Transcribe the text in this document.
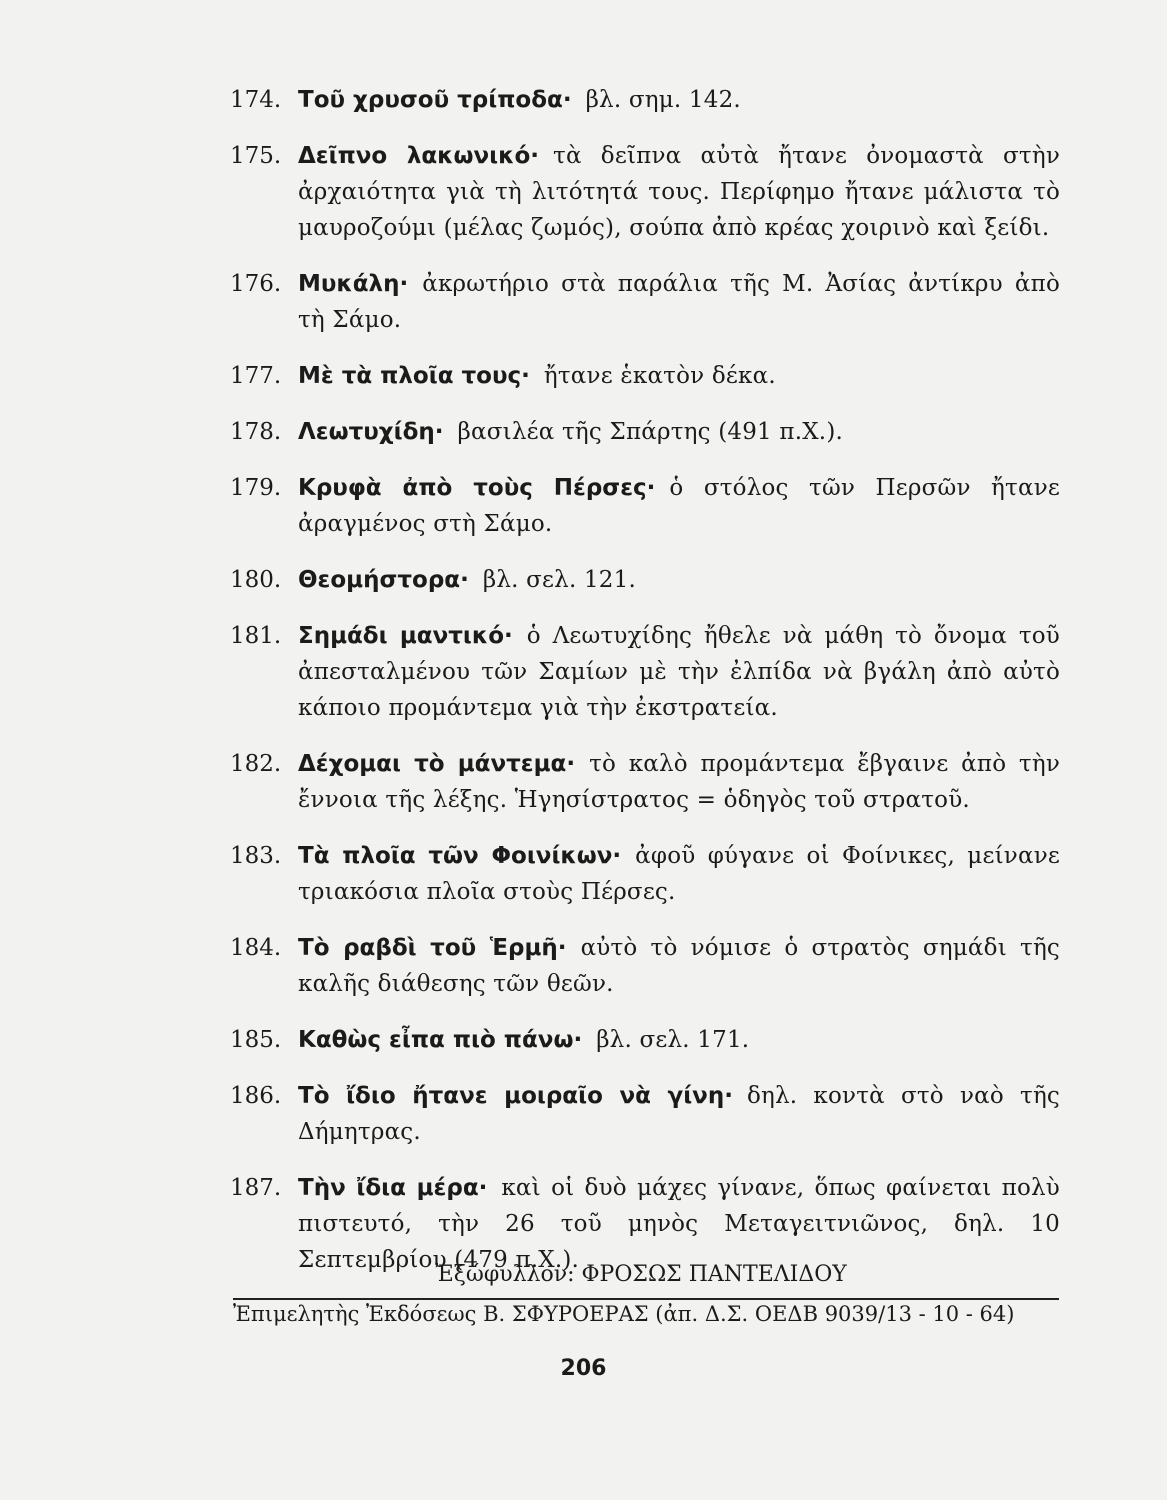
174. Τοῦ χρυσοῦ τρίποδα· βλ. σημ. 142.
175. Δεῖπνο λακωνικό· τὰ δεῖπνα αὐτὰ ἤτανε ὀνομαστὰ στὴν ἀρχαιότητα γιὰ τὴ λιτότητά τους. Περίφημο ἤτανε μάλιστα τὸ μαυροζούμι (μέλας ζωμός), σούπα ἀπὸ κρέας χοιρινὸ καὶ ξείδι.
176. Μυκάλη· ἀκρωτήριο στὰ παράλια τῆς Μ. Ἀσίας ἀντίκρυ ἀπὸ τὴ Σάμο.
177. Μὲ τὰ πλοῖα τους· ἤτανε ἑκατὸν δέκα.
178. Λεωτυχίδη· βασιλέα τῆς Σπάρτης (491 π.Χ.).
179. Κρυφὰ ἀπὸ τοὺς Πέρσες· ὁ στόλος τῶν Περσῶν ἤτανε ἀραγμένος στὴ Σάμο.
180. Θεομήστορα· βλ. σελ. 121.
181. Σημάδι μαντικό· ὁ Λεωτυχίδης ἤθελε νὰ μάθη τὸ ὄνομα τοῦ ἀπεσταλμένου τῶν Σαμίων μὲ τὴν ἐλπίδα νὰ βγάλη ἀπὸ αὐτὸ κάποιο προμάντεμα γιὰ τὴν ἐκστρατεία.
182. Δέχομαι τὸ μάντεμα· τὸ καλὸ προμάντεμα ἔβγαινε ἀπὸ τὴν ἔννοια τῆς λέξης. Ἡγησίστρατος = ὁδηγὸς τοῦ στρατοῦ.
183. Τὰ πλοῖα τῶν Φοινίκων· ἀφοῦ φύγανε οἱ Φοίνικες, μείνανε τριακόσια πλοῖα στοὺς Πέρσες.
184. Τὸ ραβδὶ τοῦ Ἑρμῆ· αὐτὸ τὸ νόμισε ὁ στρατὸς σημάδι τῆς καλῆς διάθεσης τῶν θεῶν.
185. Καθὼς εἶπα πιὸ πάνω· βλ. σελ. 171.
186. Τὸ ἴδιο ἤτανε μοιραῖο νὰ γίνη· δηλ. κοντὰ στὸ ναὸ τῆς Δήμητρας.
187. Τὴν ἴδια μέρα· καὶ οἱ δυὸ μάχες γίνανε, ὅπως φαίνεται πολὺ πιστευτό, τὴν 26 τοῦ μηνὸς Μεταγειτνιῶνος, δηλ. 10 Σεπτεμβρίου (479 π.Χ.).
Ἐξώφυλλον: ΦΡΟΣΩΣ ΠΑΝΤΕΛΙΔΟΥ
Ἐπιμελητὴς Ἐκδόσεως Β. ΣΦΥΡΟΕΡΑΣ (ἀπ. Δ.Σ. ΟΕΔΒ 9039/13 - 10 - 64)
206
